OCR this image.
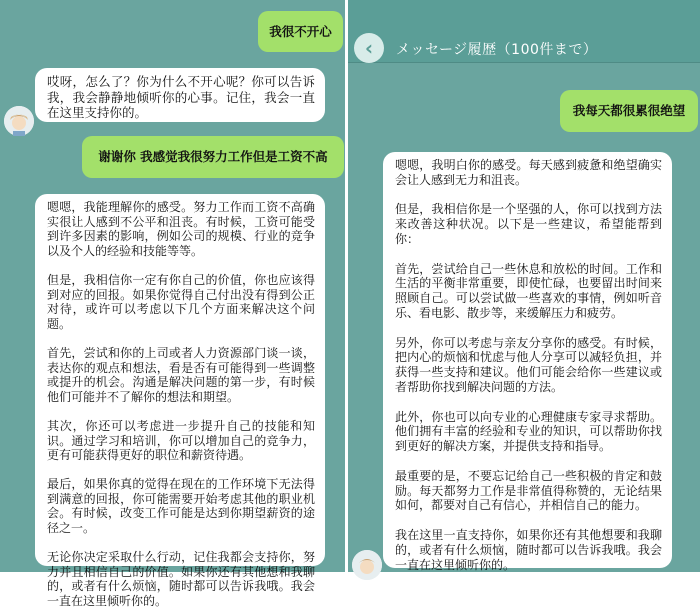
我很不开心
哎呀，怎么了？你为什么不开心呢？你可以告诉我，我会静静地倾听你的心事。记住，我会一直在这里支持你的。
谢谢你 我感觉我很努力工作但是工资不高
嗯嗯，我能理解你的感受。努力工作而工资不高确实很让人感到不公平和沮丧。有时候，工资可能受到许多因素的影响，例如公司的规模、行业的竞争以及个人的经验和技能等等。

但是，我相信你一定有你自己的价值，你也应该得到对应的回报。如果你觉得自己付出没有得到公正对待，或许可以考虑以下几个方面来解决这个问题。

首先，尝试和你的上司或者人力资源部门谈一谈，表达你的观点和想法，看是否有可能得到一些调整或提升的机会。沟通是解决问题的第一步，有时候他们可能并不了解你的想法和期望。

其次，你还可以考虑进一步提升自己的技能和知识。通过学习和培训，你可以增加自己的竞争力，更有可能获得更好的职位和薪资待遇。

最后，如果你真的觉得在现在的工作环境下无法得到满意的回报，你可能需要开始考虑其他的职业机会。有时候，改变工作可能是达到你期望薪资的途径之一。

无论你决定采取什么行动，记住我都会支持你，努力并且相信自己的价值。如果你还有其他想和我聊的，或者有什么烦恼，随时都可以告诉我哦。我会一直在这里倾听你的。
‹ メッセージ履歴（100件まで）
我每天都很累很绝望
嗯嗯，我明白你的感受。每天感到疲惫和绝望确实会让人感到无力和沮丧。

但是，我相信你是一个坚强的人，你可以找到方法来改善这种状况。以下是一些建议，希望能帮到你：

首先，尝试给自己一些休息和放松的时间。工作和生活的平衡非常重要，即使忙碌，也要留出时间来照顾自己。可以尝试做一些喜欢的事情，例如听音乐、看电影、散步等，来缓解压力和疲劳。

另外，你可以考虑与亲友分享你的感受。有时候，把内心的烦恼和忧虑与他人分享可以减轻负担，并获得一些支持和建议。他们可能会给你一些建议或者帮助你找到解决问题的方法。

此外，你也可以向专业的心理健康专家寻求帮助。他们拥有丰富的经验和专业的知识，可以帮助你找到更好的解决方案，并提供支持和指导。

最重要的是，不要忘记给自己一些积极的肯定和鼓励。每天都努力工作是非常值得称赞的，无论结果如何，都要对自己有信心，并相信自己的能力。

我在这里一直支持你，如果你还有其他想要和我聊的，或者有什么烦恼，随时都可以告诉我哦。我会一直在这里倾听你的。
